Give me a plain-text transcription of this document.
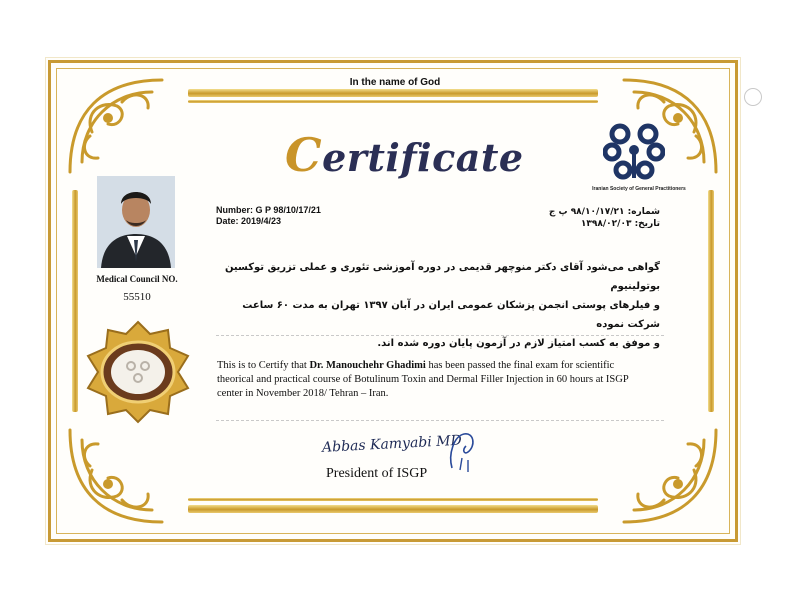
In the name of God
Certificate
Iranian Society of General Practitioners
Number: G P 98/10/17/21
Date: 2019/4/23
شماره: ۹۸/۱۰/۱۷/۲۱ پ ج
تاریخ: ۱۳۹۸/۰۲/۰۳
Medical Council NO.
55510
گواهی می‌شود آقای دکتر منوچهر قدیمی در دوره آموزشی تئوری و عملی تزریق توکسین بوتولینیوم
و فیلرهای پوستی انجمن پزشکان عمومی ایران در آبان ۱۳۹۷ تهران به مدت ۶۰ ساعت شرکت نموده
و موفق به کسب امتیاز لازم در آزمون پایان دوره شده اند.
This is to Certify that Dr. Manouchehr Ghadimi has been passed the final exam for scientific theorical and practical course of Botulinum Toxin and Dermal Filler Injection in 60 hours at ISGP center in November 2018/ Tehran – Iran.
Abbas Kamyabi MD
President of ISGP
